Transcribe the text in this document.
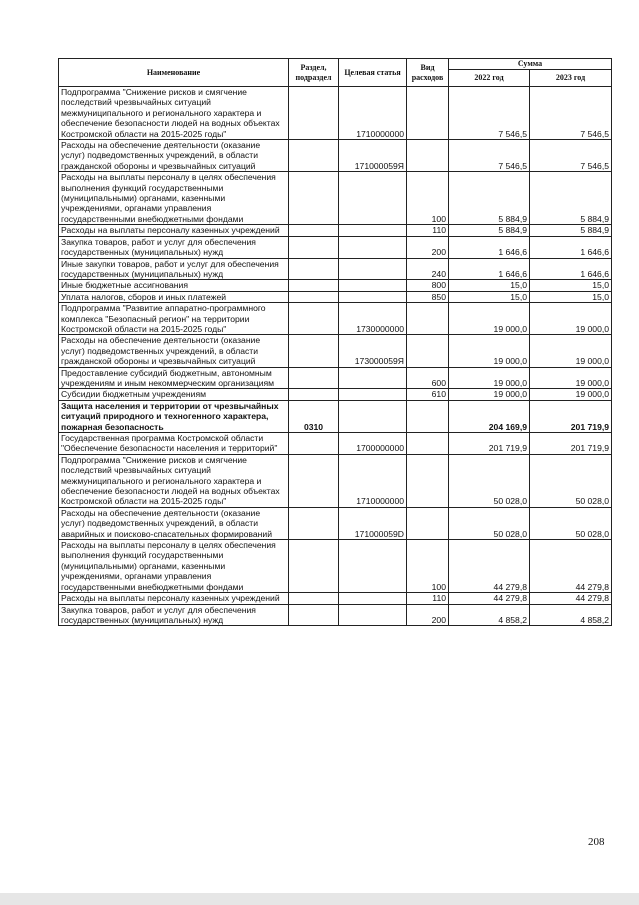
Наименование	Раздел, подраздел	Целевая статья	Вид расходов	Сумма	
				2022 год	2023 год
Подпрограмма "Снижение рисков и смягчение последствий чрезвычайных ситуаций межмуниципального и регионального характера и обеспечение безопасности людей на водных объектах Костромской области на 2015-2025 годы"		1710000000		7 546,5	7 546,5
Расходы на обеспечение деятельности (оказание услуг) подведомственных учреждений, в области гражданской обороны и чрезвычайных ситуаций		171000059Я		7 546,5	7 546,5
Расходы на выплаты персоналу в целях обеспечения выполнения функций государственными (муниципальными) органами, казенными учреждениями, органами управления государственными внебюджетными фондами			100	5 884,9	5 884,9
Расходы на выплаты персоналу казенных учреждений			110	5 884,9	5 884,9
Закупка товаров, работ и услуг для обеспечения государственных (муниципальных) нужд			200	1 646,6	1 646,6
Иные закупки товаров, работ и услуг для обеспечения государственных (муниципальных) нужд			240	1 646,6	1 646,6
Иные бюджетные ассигнования			800	15,0	15,0
Уплата налогов, сборов и иных платежей			850	15,0	15,0
Подпрограмма "Развитие аппаратно-программного комплекса "Безопасный регион" на территории Костромской области на 2015-2025 годы"		1730000000		19 000,0	19 000,0
Расходы на обеспечение деятельности (оказание услуг) подведомственных учреждений, в области гражданской обороны и чрезвычайных ситуаций		173000059Я		19 000,0	19 000,0
Предоставление субсидий бюджетным, автономным учреждениям и иным некоммерческим организациям			600	19 000,0	19 000,0
Субсидии бюджетным учреждениям			610	19 000,0	19 000,0
Защита населения и территории от чрезвычайных ситуаций природного и техногенного характера, пожарная безопасность	0310			204 169,9	201 719,9
Государственная программа Костромской области "Обеспечение безопасности населения и территорий"		1700000000		201 719,9	201 719,9
Подпрограмма "Снижение рисков и смягчение последствий чрезвычайных ситуаций межмуниципального и регионального характера и обеспечение безопасности людей на водных объектах Костромской области на 2015-2025 годы"		1710000000		50 028,0	50 028,0
Расходы на обеспечение деятельности (оказание услуг) подведомственных учреждений, в области аварийных и поисково-спасательных формирований		171000059D		50 028,0	50 028,0
Расходы на выплаты персоналу в целях обеспечения выполнения функций государственными (муниципальными) органами, казенными учреждениями, органами управления государственными внебюджетными фондами			100	44 279,8	44 279,8
Расходы на выплаты персоналу казенных учреждений			110	44 279,8	44 279,8
Закупка товаров, работ и услуг для обеспечения государственных (муниципальных) нужд			200	4 858,2	4 858,2
208
